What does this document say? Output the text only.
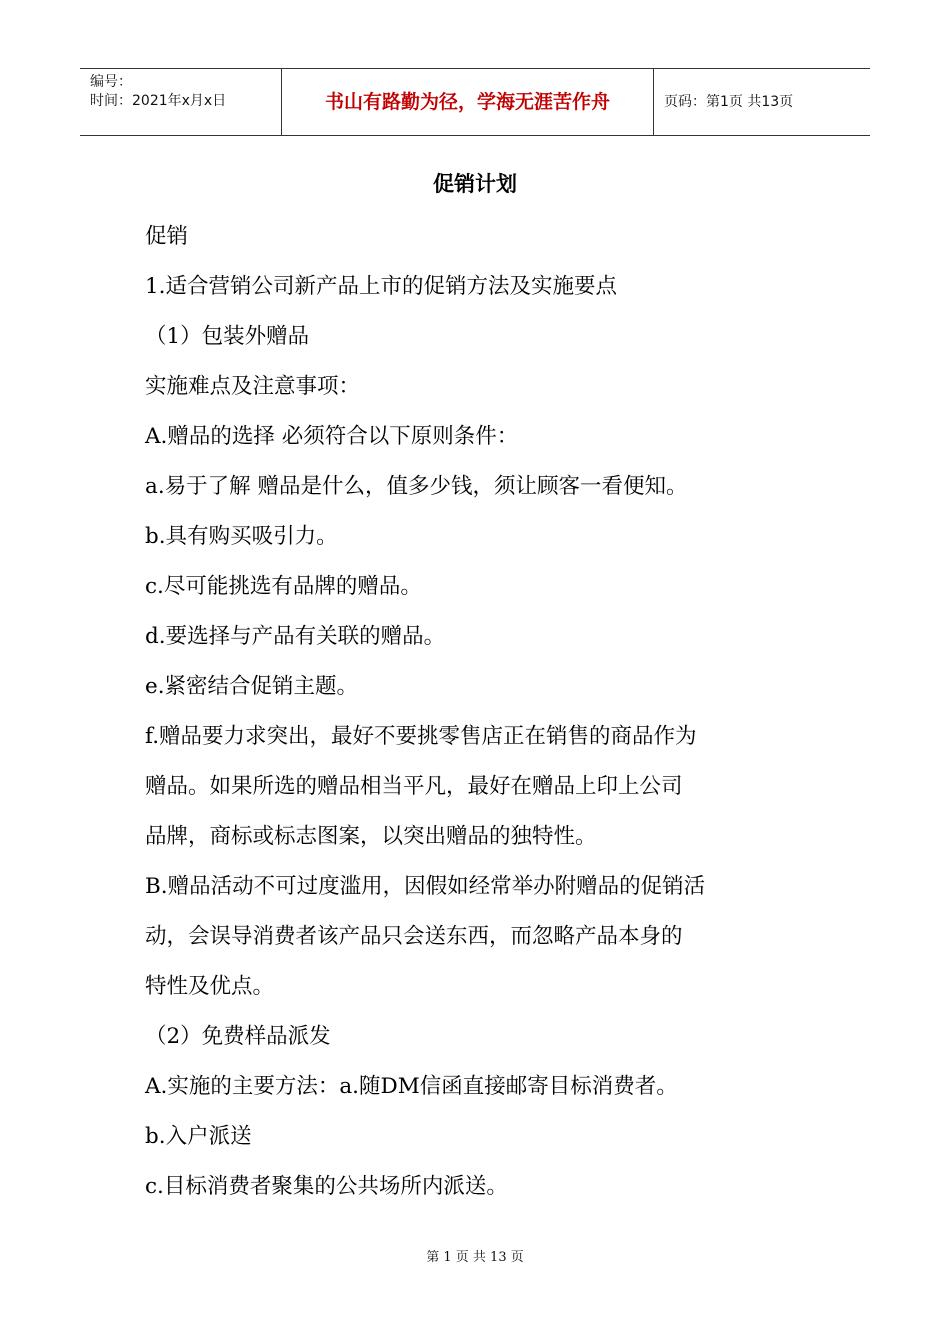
编号：
时间：2021年x月x日	书山有路勤为径，学海无涯苦作舟	页码：第1页 共13页
促销计划

促销

1.适合营销公司新产品上市的促销方法及实施要点

（1）包装外赠品

实施难点及注意事项：

A.赠品的选择 必须符合以下原则条件：

a.易于了解 赠品是什么，值多少钱，须让顾客一看便知。

b.具有购买吸引力。

c.尽可能挑选有品牌的赠品。

d.要选择与产品有关联的赠品。

e.紧密结合促销主题。

f.赠品要力求突出，最好不要挑零售店正在销售的商品作为

赠品。如果所选的赠品相当平凡，最好在赠品上印上公司

品牌，商标或标志图案，以突出赠品的独特性。

B.赠品活动不可过度滥用，因假如经常举办附赠品的促销活

动，会误导消费者该产品只会送东西，而忽略产品本身的

特性及优点。

（2）免费样品派发

A.实施的主要方法：a.随DM信函直接邮寄目标消费者。

b.入户派送

c.目标消费者聚集的公共场所内派送。

第 1 页 共 13 页
